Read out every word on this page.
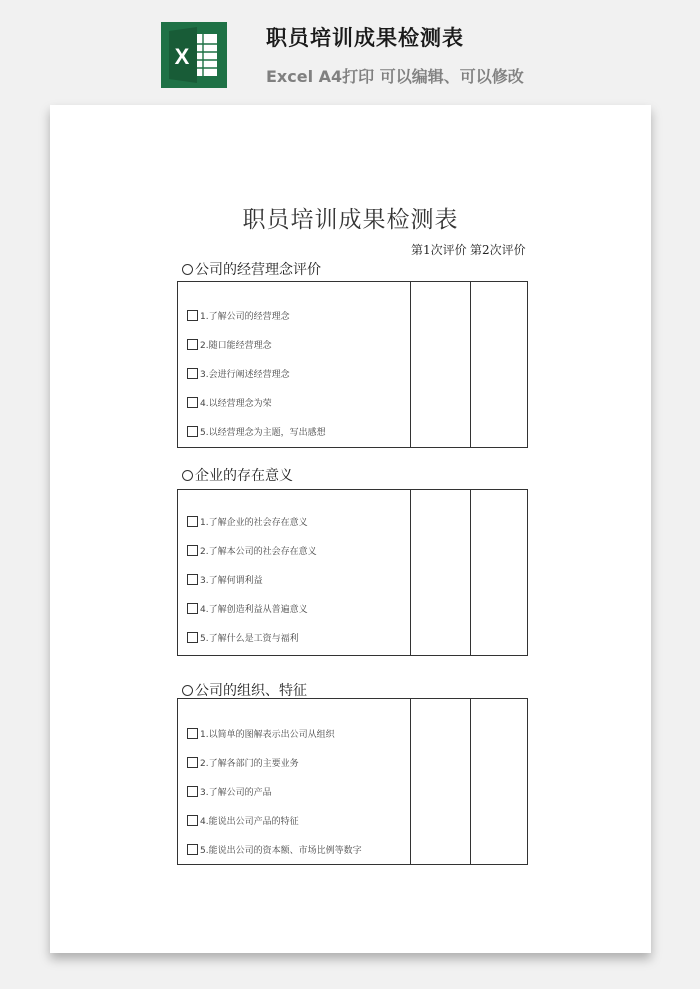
X
职员培训成果检测表
Excel A4打印 可以编辑、可以修改
职员培训成果检测表
第1次评价 第2次评价
公司的经营理念评价
1.了解公司的经营理念
2.随口能经营理念
3.会进行阐述经营理念
4.以经营理念为荣
5.以经营理念为主题，写出感想
企业的存在意义
1.了解企业的社会存在意义
2.了解本公司的社会存在意义
3.了解何谓利益
4.了解创造利益从普遍意义
5.了解什么是工资与福利
公司的组织、特征
1.以简单的图解表示出公司从组织
2.了解各部门的主要业务
3.了解公司的产品
4.能说出公司产品的特征
5.能说出公司的资本额、市场比例等数字
